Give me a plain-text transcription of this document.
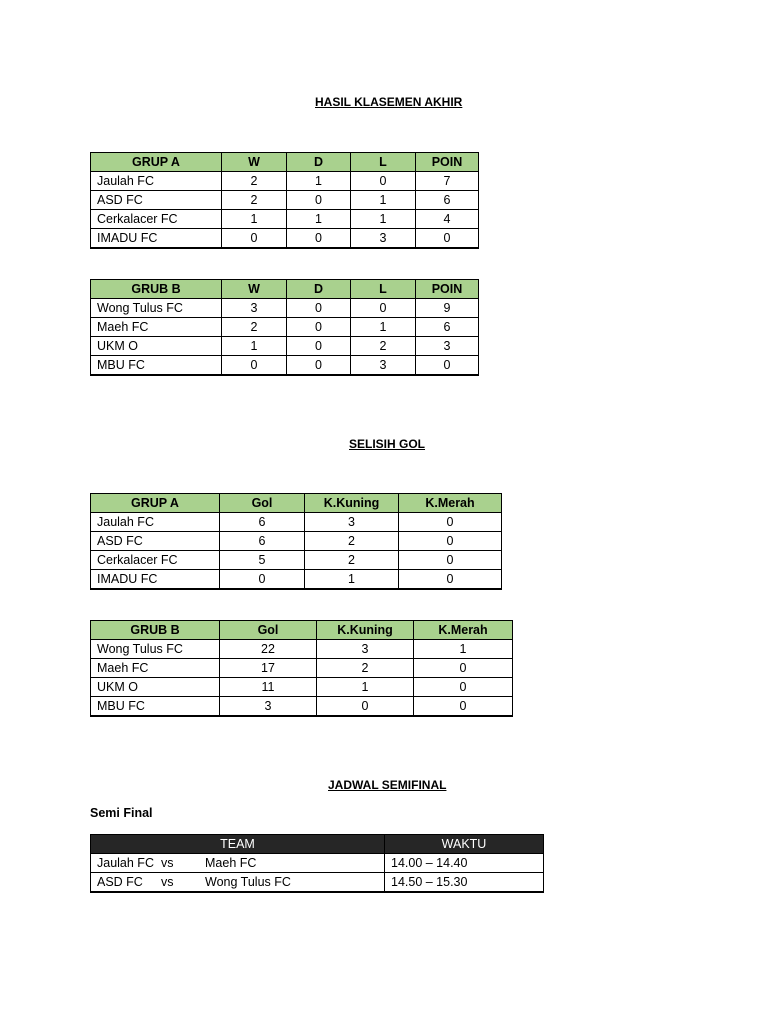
HASIL KLASEMEN AKHIR
GRUP A	W	D	L	POIN
Jaulah FC	2	1	0	7
ASD FC	2	0	1	6
Cerkalacer FC	1	1	1	4
IMADU FC	0	0	3	0
GRUB B	W	D	L	POIN
Wong Tulus FC	3	0	0	9
Maeh FC	2	0	1	6
UKM O	1	0	2	3
MBU FC	0	0	3	0
SELISIH GOL
GRUP A	Gol	K.Kuning	K.Merah
Jaulah FC	6	3	0
ASD FC	6	2	0
Cerkalacer FC	5	2	0
IMADU FC	0	1	0
GRUB B	Gol	K.Kuning	K.Merah
Wong Tulus FC	22	3	1
Maeh FC	17	2	0
UKM O	11	1	0
MBU FC	3	0	0
JADWAL SEMIFINAL
Semi Final
TEAM	WAKTU
Jaulah FC vs Maeh FC	14.00 – 14.40
ASD FC vs Wong Tulus FC	14.50 – 15.30
